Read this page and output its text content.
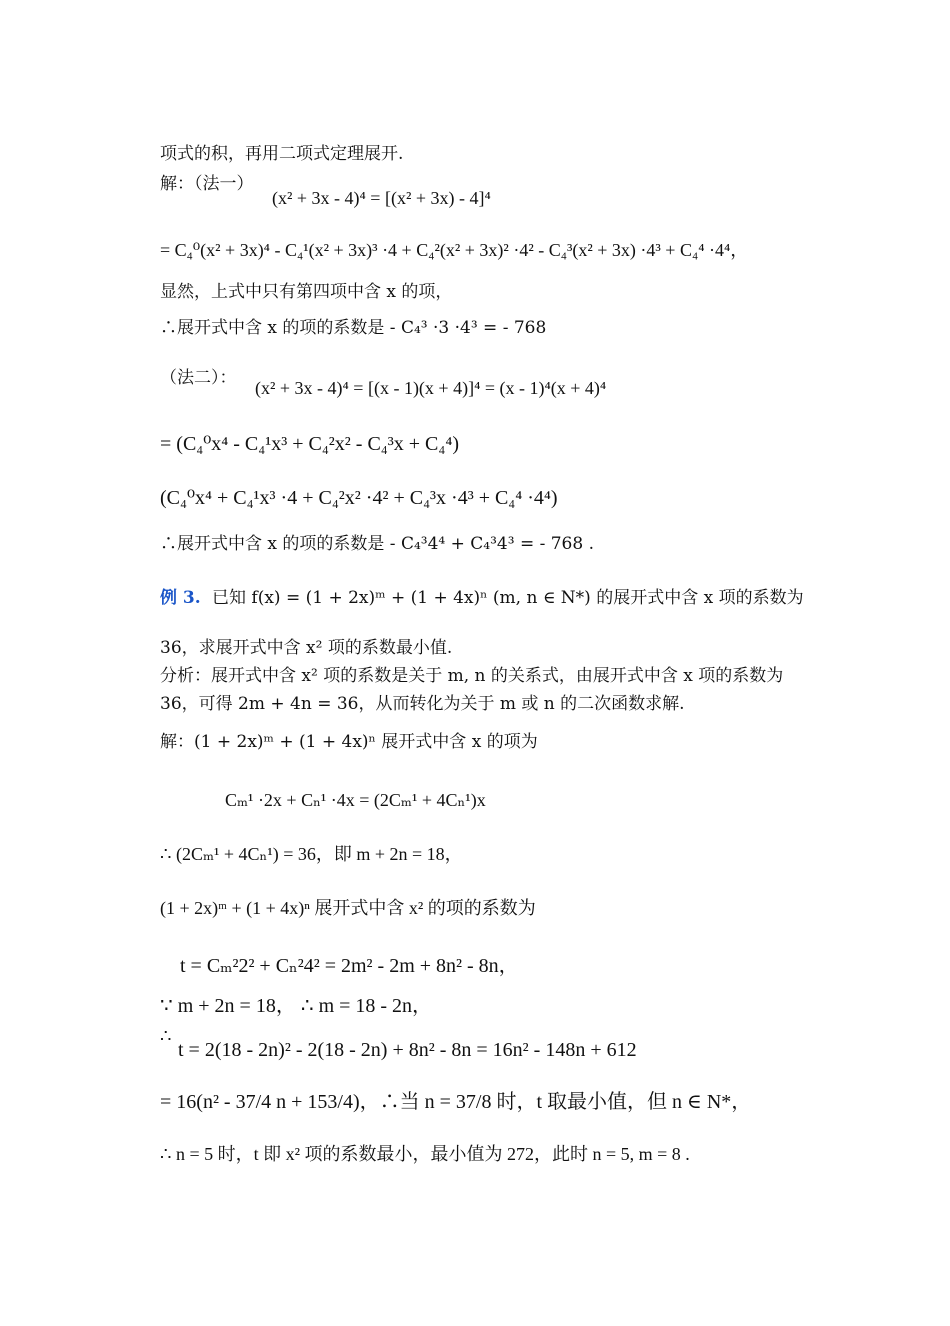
项式的积，再用二项式定理展开.
解：（法一）
(x² + 3x - 4)⁴ = [(x² + 3x) - 4]⁴
= C₄⁰(x² + 3x)⁴ - C₄¹(x² + 3x)³ ·4 + C₄²(x² + 3x)² ·4² - C₄³(x² + 3x) ·4³ + C₄⁴ ·4⁴，
显然，上式中只有第四项中含 x 的项，
∴展开式中含 x 的项的系数是 - C₄³ ·3 ·4³ = - 768
（法二）： (x² + 3x - 4)⁴ = [(x - 1)(x + 4)]⁴ = (x - 1)⁴(x + 4)⁴
= (C₄⁰x⁴ - C₄¹x³ + C₄²x² - C₄³x + C₄⁴)
(C₄⁰x⁴ + C₄¹x³ ·4 + C₄²x² ·4² + C₄³x ·4³ + C₄⁴ ·4⁴)
∴展开式中含 x 的项的系数是 - C₄³4⁴ + C₄³4³ = - 768 .
例 3. 已知 f(x) = (1 + 2x)ᵐ + (1 + 4x)ⁿ (m, n ∈ N*) 的展开式中含 x 项的系数为
36，求展开式中含 x² 项的系数最小值.
分析：展开式中含 x² 项的系数是关于 m, n 的关系式，由展开式中含 x 项的系数为
36，可得 2m + 4n = 36，从而转化为关于 m 或 n 的二次函数求解.
解：(1 + 2x)ᵐ + (1 + 4x)ⁿ 展开式中含 x 的项为
Cₘ¹ ·2x + Cₙ¹ ·4x = (2Cₘ¹ + 4Cₙ¹)x
∴ (2Cₘ¹ + 4Cₙ¹) = 36，即 m + 2n = 18，
(1 + 2x)ᵐ + (1 + 4x)ⁿ 展开式中含 x² 的项的系数为
t = Cₘ²2² + Cₙ²4² = 2m² - 2m + 8n² - 8n，
∵ m + 2n = 18， ∴ m = 18 - 2n，
∴
t = 2(18 - 2n)² - 2(18 - 2n) + 8n² - 8n = 16n² - 148n + 612
= 16(n² - 37/4 n + 153/4)，∴当 n = 37/8 时，t 取最小值，但 n ∈ N*，
∴ n = 5 时，t 即 x² 项的系数最小，最小值为 272，此时 n = 5, m = 8 .
